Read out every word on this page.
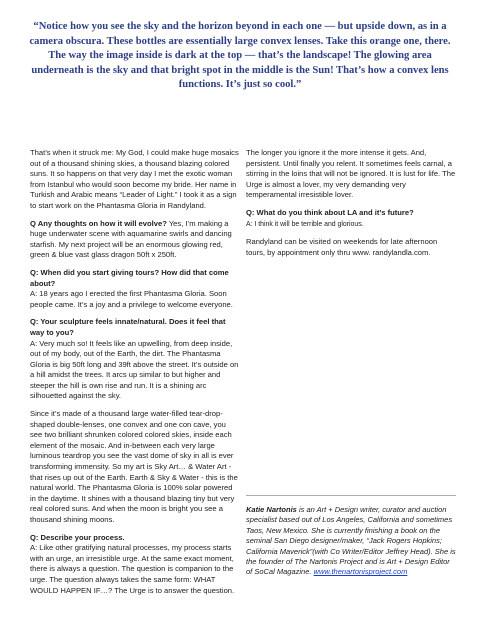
“Notice how you see the sky and the horizon beyond in each one — but upside down, as in a camera obscura. These bottles are essentially large convex lenses. Take this orange one, there. The way the image inside is dark at the top — that’s the landscape! The glowing area underneath is the sky and that bright spot in the middle is the Sun! That’s how a convex lens functions. It’s just so cool.”

That’s when it struck me: My God, I could make huge mosaics out of a thousand shining skies, a thousand blazing colored suns. It so happens on that very day I met the exotic woman from Istanbul who would soon become my bride. Her name in Turkish and Arabic means “Leader of Light.” I took it as a sign to start work on the Phantasma Gloria in Randyland.

Q Any thoughts on how it will evolve? Yes, I’m making a huge underwater scene with aquamarine swirls and dancing starfish. My next project will be an enormous glowing red, green & blue vast glass dragon 50ft x 250ft.

Q: When did you start giving tours? How did that come about?
A: 18 years ago I erected the first Phantasma Gloria. Soon people came. It’s a joy and a privilege to welcome everyone.

Q: Your sculpture feels innate/natural. Does it feel that way to you?
A: Very much so! It feels like an upwelling, from deep inside, out of my body, out of the Earth, the dirt. The Phantasma Gloria is big 50ft long and 39ft above the street. It’s outside on a hill amidst the trees. It arcs up similar to but higher and steeper the hill is own rise and run. It is a shining arc silhouetted against the sky.

Since it’s made of a thousand large water-filled tear-drop-shaped double-lenses, one convex and one con cave, you see two brilliant shrunken colored colored skies, inside each element of the mosaic. And in-between each very large luminous teardrop you see the vast dome of sky in all is ever transforming immensity. So my art is Sky Art… & Water Art - that rises up out of the Earth. Earth & Sky & Water - this is the natural world. The Phantasma Gloria is 100% solar powered in the daytime. It shines with a thousand blazing tiny but very real colored suns. And when the moon is bright you see a thousand shining moons.

Q: Describe your process.
A: Like other gratifying natural processes, my process starts with an urge, an irresistible urge. At the same exact moment, there is always a question. The question is companion to the urge. The question always takes the same form: WHAT WOULD HAPPEN IF…? The Urge is to answer the question.

The longer you ignore it the more intense it gets. And, persistent. Until finally you relent. It sometimes feels carnal, a stirring in the loins that will not be ignored. It is lust for life. The Urge is almost a lover, my very demanding very temperamental irresistible lover.

Q: What do you think about LA and it’s future?
A: I think it will be terrible and glorious.

Randyland can be visited on weekends for late afternoon tours, by appointment only thru www. randylandla.com.

Katie Nartonis is an Art + Design writer, curator and auction specialist based out of Los Angeles, California and sometimes Taos, New Mexico. She is currently finishing a book on the seminal San Diego designer/maker, “Jack Rogers Hopkins; California Maverick”(with Co Writer/Editor Jeffrey Head). She is the founder of The Nartonis Project and is Art + Design Editor of SoCal Magazine. www.thenartonisproject.com
